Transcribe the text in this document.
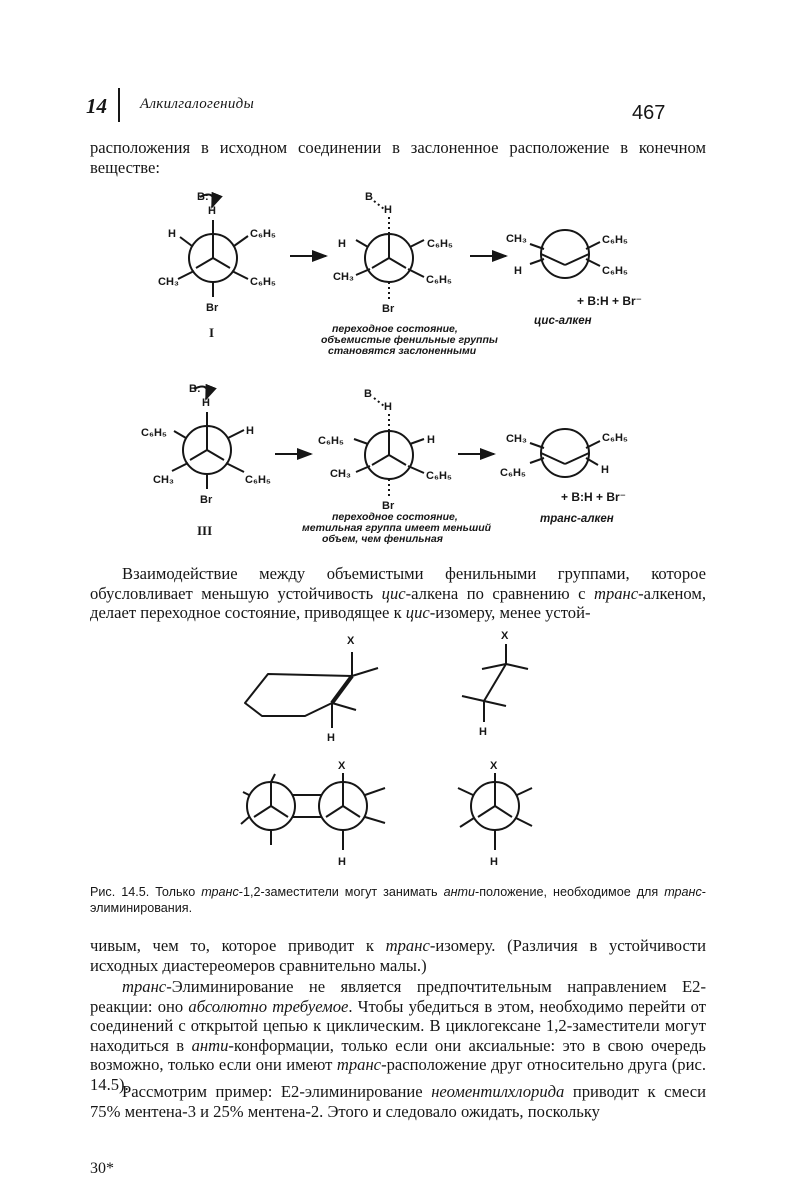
14 Алкилгалогениды	467
расположения в исходном соединении в заслоненное расположение в конечном веществе:
B:
H
H	C₆H₅
CH₃	C₆H₅
Br
I
B
H
H	C₆H₅
CH₃	C₆H₅
Br
переходное состояние,
объемистые фенильные группы
становятся заслоненными
CH₃
H
C₆H₅
C₆H₅
+ B:H + Br⁻
цис-алкен
B:
H
C₆H₅	H
CH₃	C₆H₅
Br
III
B
H
C₆H₅	H
CH₃	C₆H₅
Br
переходное состояние,
метильная группа имеет меньший
объем, чем фенильная
CH₃
C₆H₅
C₆H₅
H
+ B:H + Br⁻
транс-алкен
Взаимодействие между объемистыми фенильными группами, которое обусловливает меньшую устойчивость цис-алкена по сравнению с транс-алкеном, делает переходное состояние, приводящее к цис-изомеру, менее устой-
X
H
X
H
X
H
X
H
Рис. 14.5. Только транс-1,2-заместители могут занимать анти-положение, необходимое для транс-элиминирования.
чивым, чем то, которое приводит к транс-изомеру. (Различия в устойчивости исходных диастереомеров сравнительно малы.)
транс-Элиминирование не является предпочтительным направлением E2-реакции: оно абсолютно требуемое. Чтобы убедиться в этом, необходимо перейти от соединений с открытой цепью к циклическим. В циклогексане 1,2-заместители могут находиться в анти-конформации, только если они аксиальные: это в свою очередь возможно, только если они имеют транс-расположение друг относительно друга (рис. 14.5).
Рассмотрим пример: E2-элиминирование неоментилхлорида приводит к смеси 75% ментена-3 и 25% ментена-2. Этого и следовало ожидать, поскольку
30*
